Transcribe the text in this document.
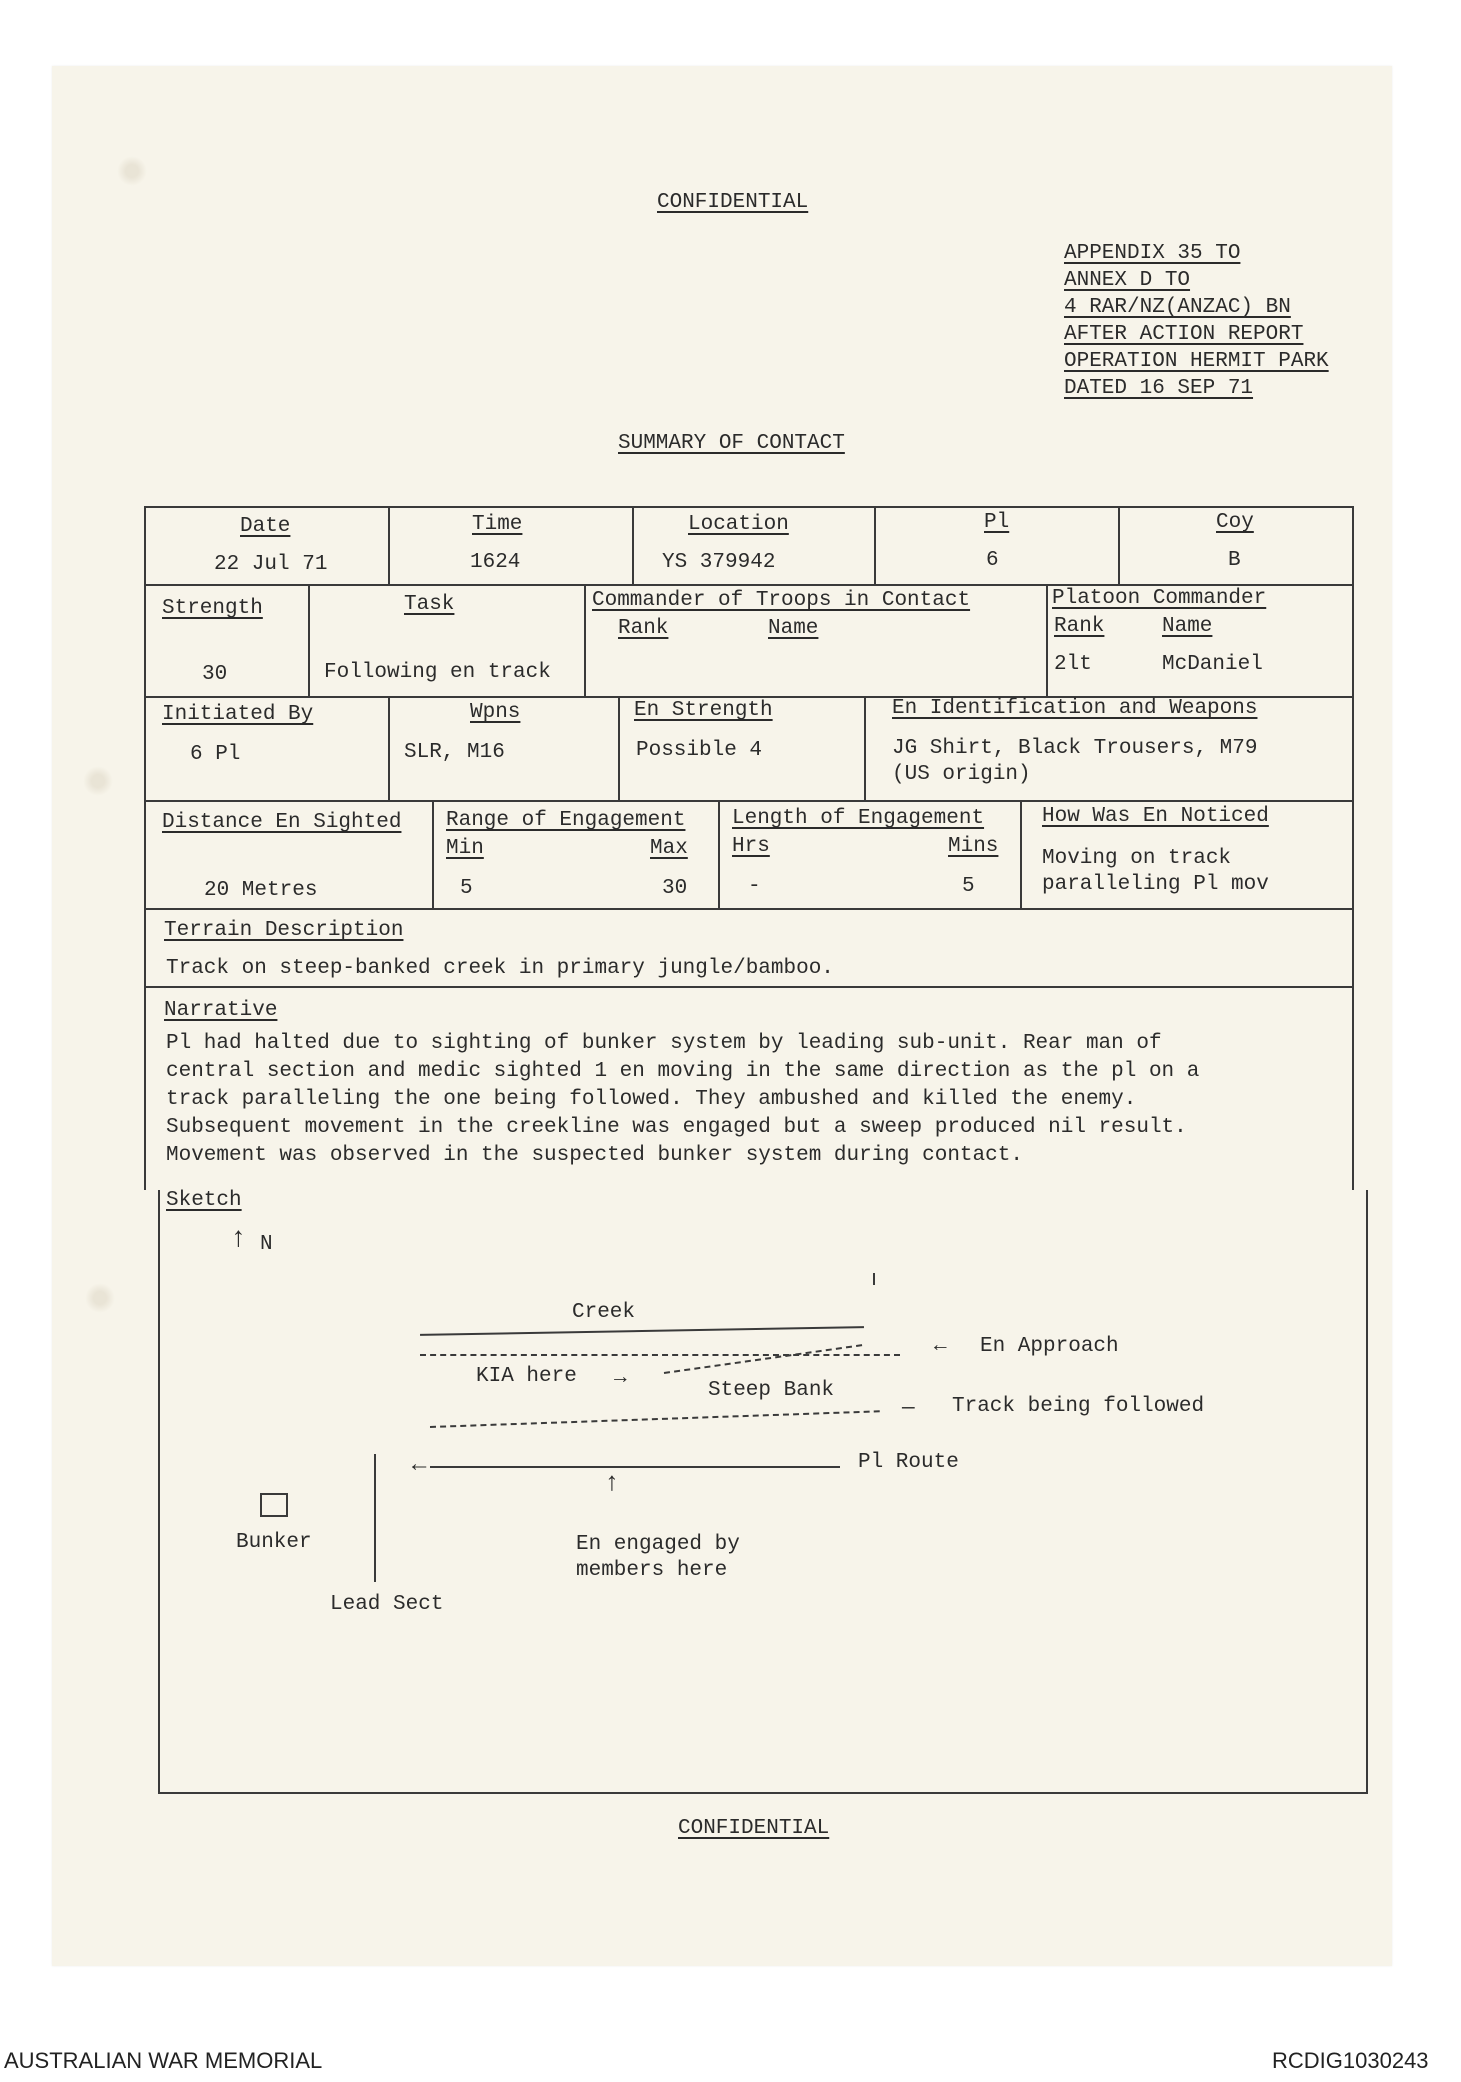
CONFIDENTIAL
APPENDIX 35 TO
ANNEX D TO
4 RAR/NZ(ANZAC) BN
AFTER ACTION REPORT
OPERATION HERMIT PARK
DATED 16 SEP 71
SUMMARY OF CONTACT
Date
22 Jul 71
Time
1624
Location
YS 379942
Pl
6
Coy
B
Strength
30
Task
Following en track
Commander of Troops in Contact
Rank	Name
Platoon Commander
Rank	Name
2lt	McDaniel
Initiated By
6 Pl
Wpns
SLR, M16
En Strength
Possible 4
En Identification and Weapons
JG Shirt, Black Trousers, M79
(US origin)
Distance En Sighted
20 Metres
Range of Engagement
Min	Max
5	30
Length of Engagement
Hrs	Mins
-	5
How Was En Noticed
Moving on track
paralleling Pl mov
Terrain Description
Track on steep-banked creek in primary jungle/bamboo.
Narrative
Pl had halted due to sighting of bunker system by leading sub-unit. Rear man of
central section and medic sighted 1 en moving in the same direction as the pl on a
track paralleling the one being followed. They ambushed and killed the enemy.
Subsequent movement in the creekline was engaged but a sweep produced nil result.
Movement was observed in the suspected bunker system during contact.
Sketch
↑ N
Creek
← En Approach
KIA here →
Steep Bank
— Track being followed
←	Pl Route
Lead Sect
Bunker
↑
En engaged by
members here
CONFIDENTIAL
AUSTRALIAN WAR MEMORIAL	RCDIG1030243
